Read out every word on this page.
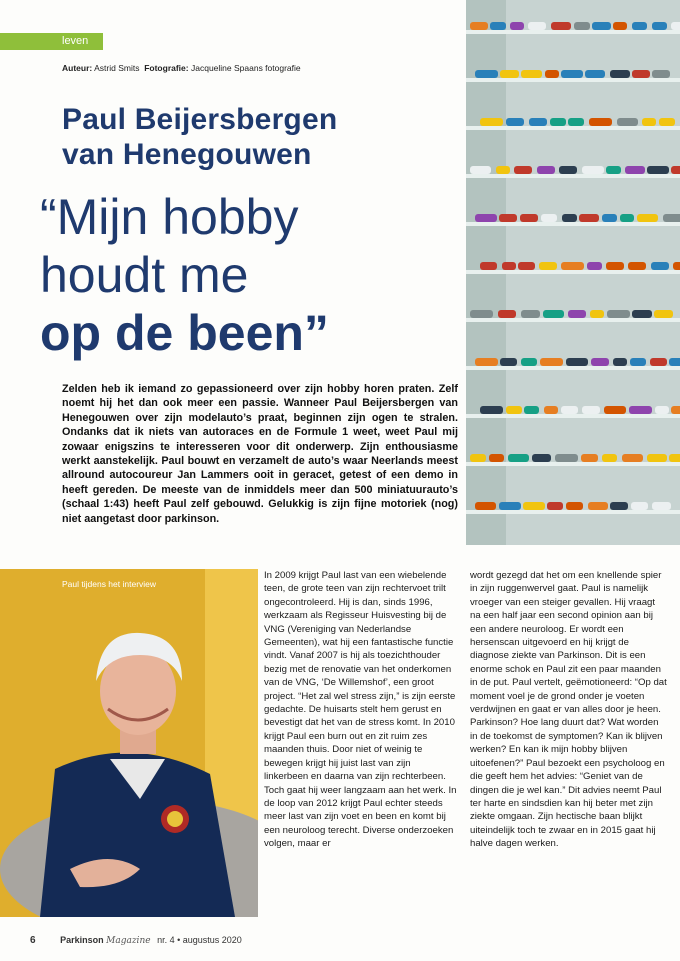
leven
Auteur: Astrid Smits Fotografie: Jacqueline Spaans fotografie
Paul Beijersbergen
van Henegouwen
“Mijn hobby
houdt me
op de been”
Zelden heb ik iemand zo gepassioneerd over zijn hobby horen praten. Zelf noemt hij het dan ook meer een passie. Wanneer Paul Beijersbergen van Henegouwen over zijn modelauto’s praat, beginnen zijn ogen te stralen. Ondanks dat ik niets van autoraces en de Formule 1 weet, weet Paul mij zowaar enigszins te interesseren voor dit onderwerp. Zijn enthousiasme werkt aanstekelijk. Paul bouwt en verzamelt de auto’s waar Neerlands meest allround autocoureur Jan Lammers ooit in geracet, getest of een demo in heeft gereden. De meeste van de inmiddels meer dan 500 miniatuurauto’s (schaal 1:43) heeft Paul zelf gebouwd. Gelukkig is zijn fijne motoriek (nog) niet aangetast door parkinson.
Paul tijdens het interview

In 2009 krijgt Paul last van een wiebelende teen, de grote teen van zijn rechtervoet trilt ongecontroleerd. Hij is dan, sinds 1996, werkzaam als Regisseur Huisvesting bij de VNG (Vereniging van Nederlandse Gemeenten), wat hij een fantastische functie vindt. Vanaf 2007 is hij als toezichthouder bezig met de renovatie van het onderkomen van de VNG, ‘De Willemshof’, een groot project. “Het zal wel stress zijn,” is zijn eerste gedachte. De huisarts stelt hem gerust en bevestigt dat het van de stress komt. In 2010 krijgt Paul een burn out en zit ruim zes maanden thuis. Door niet of weinig te bewegen krijgt hij juist last van zijn linkerbeen en daarna van zijn rechterbeen. Toch gaat hij weer langzaam aan het werk. In de loop van 2012 krijgt Paul echter steeds meer last van zijn voet en been en komt bij een neuroloog terecht. Diverse onderzoeken volgen, maar er

wordt gezegd dat het om een knellende spier in zijn ruggenwervel gaat. Paul is namelijk vroeger van een steiger gevallen. Hij vraagt na een half jaar een second opinion aan bij een andere neuroloog. Er wordt een hersenscan uitgevoerd en hij krijgt de diagnose ziekte van Parkinson. Dit is een enorme schok en Paul zit een paar maanden in de put. Paul vertelt, geëmotioneerd: “Op dat moment voel je de grond onder je voeten verdwijnen en gaat er van alles door je heen. Parkinson? Hoe lang duurt dat? Wat worden in de toekomst de symptomen? Kan ik blijven werken? En kan ik mijn hobby blijven uitoefenen?” Paul bezoekt een psycholoog en die geeft hem het advies: “Geniet van de dingen die je wel kan.” Dit advies neemt Paul ter harte en sindsdien kan hij beter met zijn ziekte omgaan. Zijn hectische baan blijkt uiteindelijk toch te zwaar en in 2015 gaat hij halve dagen werken.

6	Parkinson Magazine nr. 4 • augustus 2020
